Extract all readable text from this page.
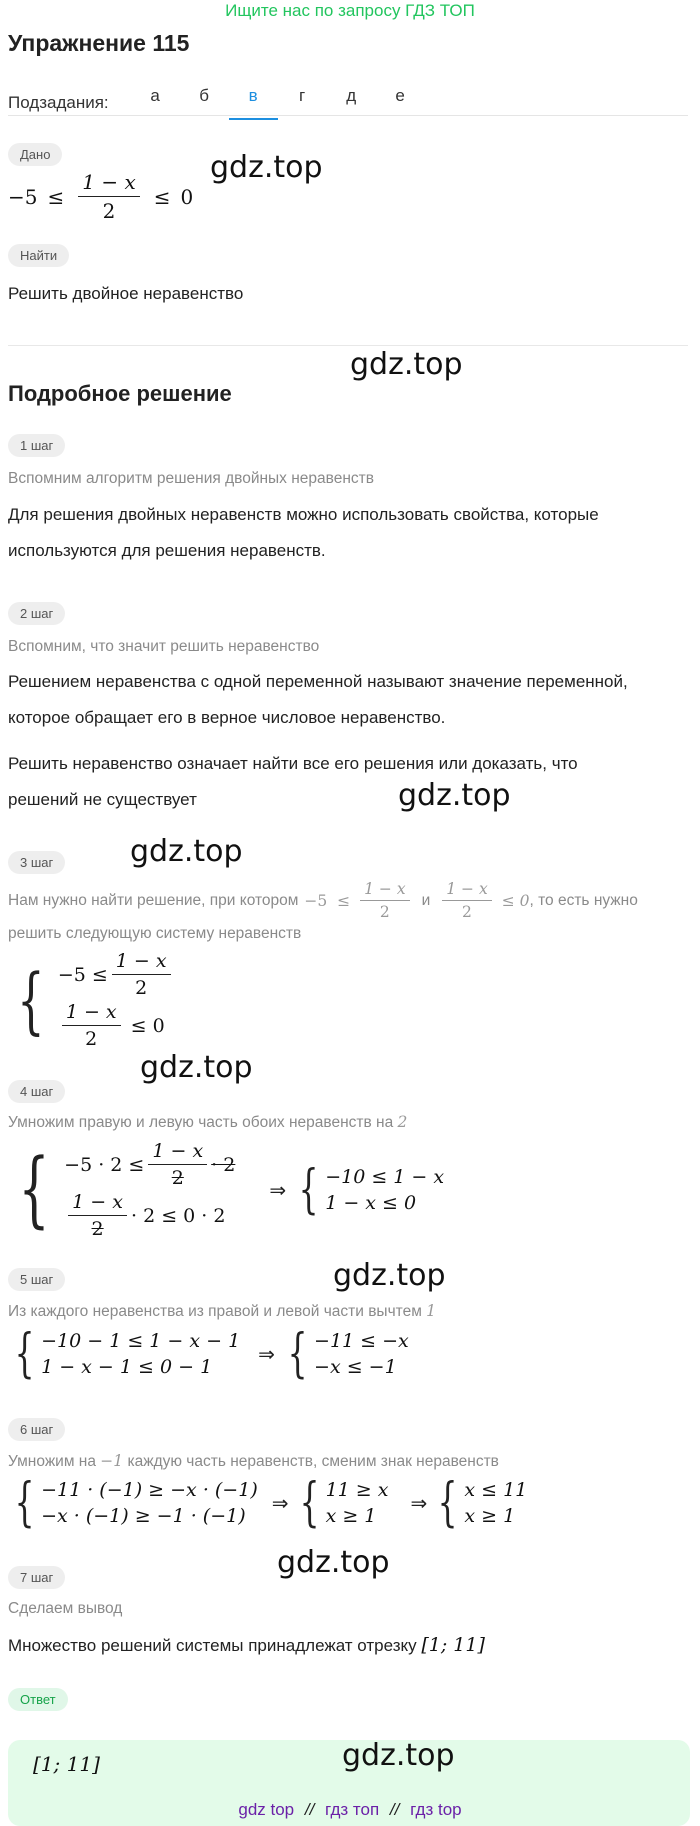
Ищите нас по запросу ГДЗ ТОП
Упражнение 115
Подзадания:	а	б	в	г	д	е
Дано
$-5 \le \frac{1 - x}{2} \le 0$
gdz.top
Найти
Решить двойное неравенство
gdz.top
Подробное решение
1 шаг
Вспомним алгоритм решения двойных неравенств
Для решения двойных неравенств можно использовать свойства, которые
используются для решения неравенств.
2 шаг
Вспомним, что значит решить неравенство
Решением неравенства с одной переменной называют значение переменной,
которое обращает его в верное числовое неравенство.
Решить неравенство означает найти все его решения или доказать, что
решений не существует	gdz.top
3 шаг	gdz.top
Нам нужно найти решение, при котором $-5 \le \frac{1 - x}{2}$ и $\frac{1 - x}{2} \le 0$ , то есть нужно
решить следующую систему неравенств
{ $-5 \le \frac{1 - x}{2}$
$\frac{1 - x}{2} \le 0$
gdz.top
4 шаг
Умножим правую и левую часть обоих неравенств на 2
{ $-5 \cdot 2 \le \frac{1 - x}{2} \cdot 2$
$\frac{1 - x}{2} \cdot 2 \le 0 \cdot 2$
⇒ { −10 ≤ 1 − x
1 − x ≤ 0
gdz.top
5 шаг
Из каждого неравенства из правой и левой части вычтем 1
{ −10 − 1 ≤ 1 − x − 1
1 − x − 1 ≤ 0 − 1
⇒ { −11 ≤ −x
−x ≤ −1
6 шаг
Умножим на −1 каждую часть неравенств, сменим знак неравенств
{ −11 · (−1) ≥ −x · (−1)
−x · (−1) ≥ −1 · (−1)
⇒ { 11 ≥ x
x ≥ 1
⇒ { x ≤ 11
x ≥ 1
gdz.top
7 шаг
Сделаем вывод
Множество решений системы принадлежат отрезку [1; 11]
Ответ
[1; 11]	gdz.top
gdz top // гдз топ // гдз top
